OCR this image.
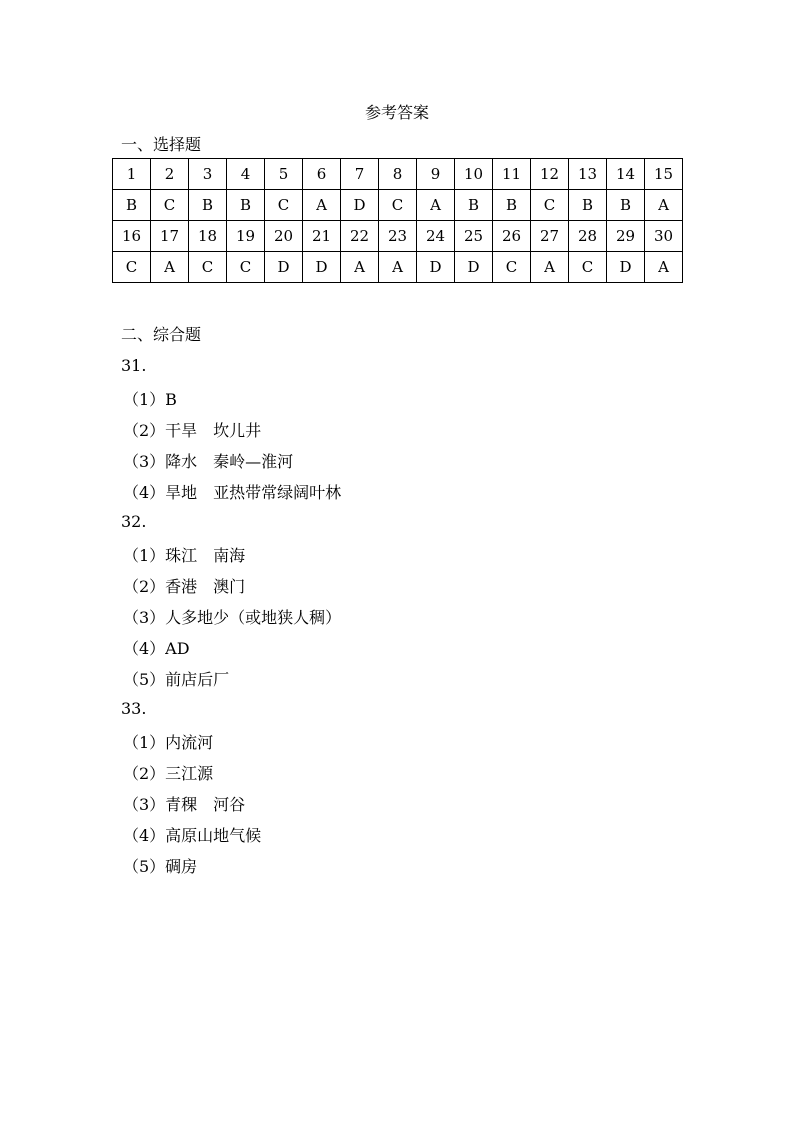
参考答案
一、选择题
1	2	3	4	5	6	7	8	9	10	11	12	13	14	15
B	C	B	B	C	A	D	C	A	B	B	C	B	B	A
16	17	18	19	20	21	22	23	24	25	26	27	28	29	30
C	A	C	C	D	D	A	A	D	D	C	A	C	D	A
二、综合题
31.
（1）B
（2）干旱　坎儿井
（3）降水　秦岭—淮河
（4）旱地　亚热带常绿阔叶林
32.
（1）珠江　南海
（2）香港　澳门
（3）人多地少（或地狭人稠）
（4）AD
（5）前店后厂
33.
（1）内流河
（2）三江源
（3）青稞　河谷
（4）高原山地气候
（5）碉房
